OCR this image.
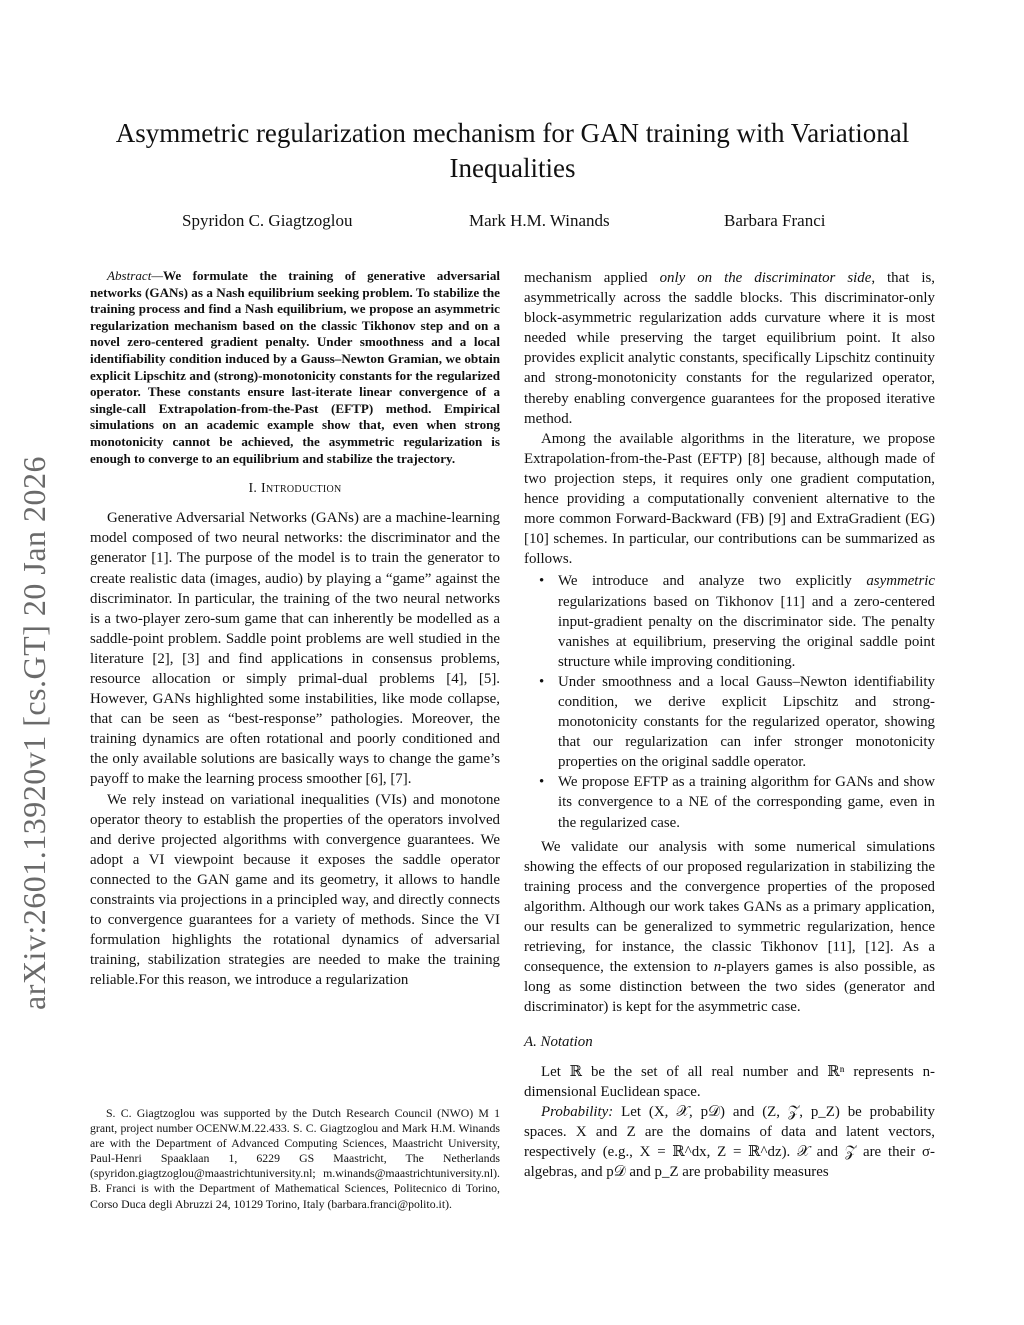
arXiv:2601.13920v1 [cs.GT] 20 Jan 2026
Asymmetric regularization mechanism for GAN training with Variational Inequalities
Spyridon C. Giagtzoglou	Mark H.M. Winands	Barbara Franci

Abstract—We formulate the training of generative adversarial networks (GANs) as a Nash equilibrium seeking problem. To stabilize the training process and find a Nash equilibrium, we propose an asymmetric regularization mechanism based on the classic Tikhonov step and on a novel zero-centered gradient penalty. Under smoothness and a local identifiability condition induced by a Gauss–Newton Gramian, we obtain explicit Lipschitz and (strong)-monotonicity constants for the regularized operator. These constants ensure last-iterate linear convergence of a single-call Extrapolation-from-the-Past (EFTP) method. Empirical simulations on an academic example show that, even when strong monotonicity cannot be achieved, the asymmetric regularization is enough to converge to an equilibrium and stabilize the trajectory.

I. Introduction

Generative Adversarial Networks (GANs) are a machine-learning model composed of two neural networks: the discriminator and the generator [1]. The purpose of the model is to train the generator to create realistic data (images, audio) by playing a “game” against the discriminator. In particular, the training of the two neural networks is a two-player zero-sum game that can inherently be modelled as a saddle-point problem. Saddle point problems are well studied in the literature [2], [3] and find applications in consensus problems, resource allocation or simply primal-dual problems [4], [5]. However, GANs highlighted some instabilities, like mode collapse, that can be seen as “best-response” pathologies. Moreover, the training dynamics are often rotational and poorly conditioned and the only available solutions are basically ways to change the game’s payoff to make the learning process smoother [6], [7].

We rely instead on variational inequalities (VIs) and monotone operator theory to establish the properties of the operators involved and derive projected algorithms with convergence guarantees. We adopt a VI viewpoint because it exposes the saddle operator connected to the GAN game and its geometry, it allows to handle constraints via projections in a principled way, and directly connects to convergence guarantees for a variety of methods. Since the VI formulation highlights the rotational dynamics of adversarial training, stabilization strategies are needed to make the training reliable.For this reason, we introduce a regularization

S. C. Giagtzoglou was supported by the Dutch Research Council (NWO) M 1 grant, project number OCENW.M.22.433. S. C. Giagtzoglou and Mark H.M. Winands are with the Department of Advanced Computing Sciences, Maastricht University, Paul-Henri Spaaklaan 1, 6229 GS Maastricht, The Netherlands (spyridon.giagtzoglou@maastrichtuniversity.nl; m.winands@maastrichtuniversity.nl). B. Franci is with the Department of Mathematical Sciences, Politecnico di Torino, Corso Duca degli Abruzzi 24, 10129 Torino, Italy (barbara.franci@polito.it).

mechanism applied only on the discriminator side, that is, asymmetrically across the saddle blocks. This discriminator-only block-asymmetric regularization adds curvature where it is most needed while preserving the target equilibrium point. It also provides explicit analytic constants, specifically Lipschitz continuity and strong-monotonicity constants for the regularized operator, thereby enabling convergence guarantees for the proposed iterative method.

Among the available algorithms in the literature, we propose Extrapolation-from-the-Past (EFTP) [8] because, although made of two projection steps, it requires only one gradient computation, hence providing a computationally convenient alternative to the more common Forward-Backward (FB) [9] and ExtraGradient (EG) [10] schemes. In particular, our contributions can be summarized as follows.

• We introduce and analyze two explicitly asymmetric regularizations based on Tikhonov [11] and a zero-centered input-gradient penalty on the discriminator side. The penalty vanishes at equilibrium, preserving the original saddle point structure while improving conditioning.
• Under smoothness and a local Gauss–Newton identifiability condition, we derive explicit Lipschitz and strong-monotonicity constants for the regularized operator, showing that our regularization can infer stronger monotonicity properties on the original saddle operator.
• We propose EFTP as a training algorithm for GANs and show its convergence to a NE of the corresponding game, even in the regularized case.

We validate our analysis with some numerical simulations showing the effects of our proposed regularization in stabilizing the training process and the convergence properties of the proposed algorithm. Although our work takes GANs as a primary application, our results can be generalized to symmetric regularization, hence retrieving, for instance, the classic Tikhonov [11], [12]. As a consequence, the extension to n-players games is also possible, as long as some distinction between the two sides (generator and discriminator) is kept for the asymmetric case.

A. Notation

Let ℝ be the set of all real number and ℝⁿ represents n-dimensional Euclidean space.

Probability: Let (X, 𝒳, p𝒟) and (Z, 𝒵, p_Z) be probability spaces. X and Z are the domains of data and latent vectors, respectively (e.g., X = ℝ^dx, Z = ℝ^dz). 𝒳 and 𝒵 are their σ-algebras, and p𝒟 and p_Z are probability measures
